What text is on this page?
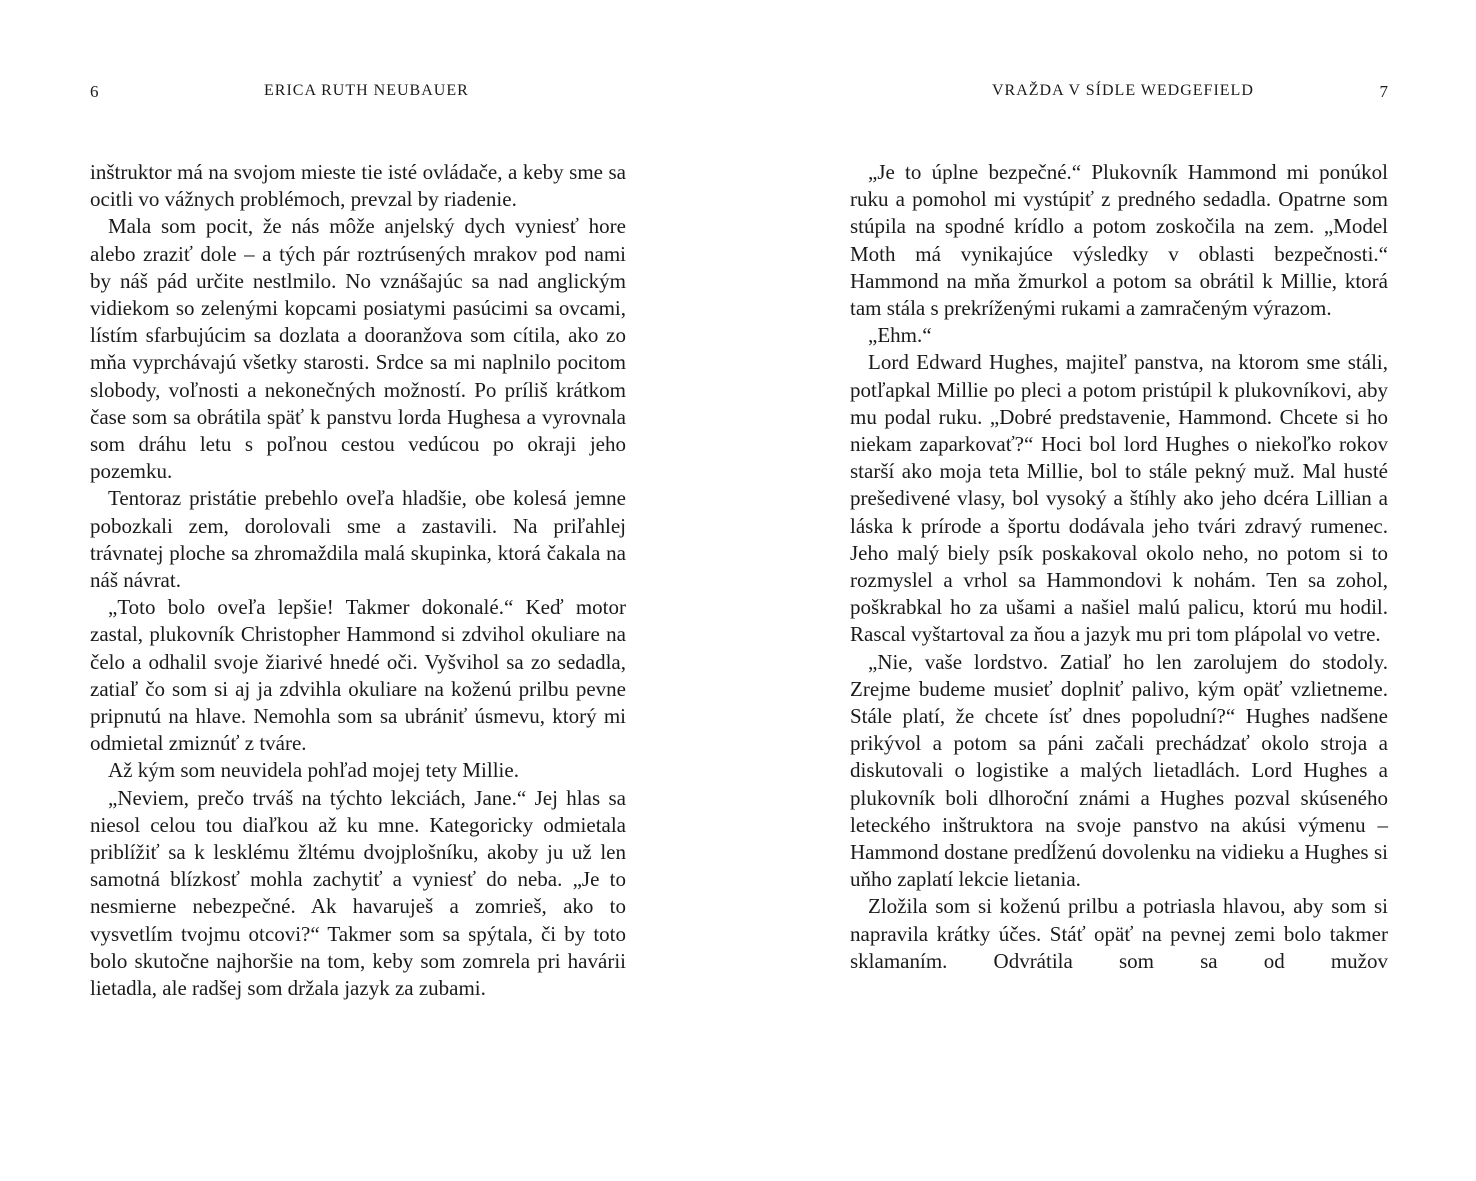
6	ERICA RUTH NEUBAUER

inštruktor má na svojom mieste tie isté ovládače, a keby sme sa ocitli vo vážnych problémoch, prevzal by riadenie.

Mala som pocit, že nás môže anjelský dych vyniesť hore alebo zraziť dole – a tých pár roztrúsených mrakov pod nami by náš pád určite nestlmilo. No vznášajúc sa nad anglickým vidiekom so zelenými kopcami posiatymi pasúcimi sa ovcami, lístím sfarbujúcim sa dozlata a dooranžova som cítila, ako zo mňa vyprchávajú všetky starosti. Srdce sa mi naplnilo pocitom slobody, voľnosti a nekonečných možností. Po príliš krátkom čase som sa obrátila späť k panstvu lorda Hughesa a vyrovnala som dráhu letu s poľnou cestou vedúcou po okraji jeho pozemku.

Tentoraz pristátie prebehlo oveľa hladšie, obe kolesá jemne pobozkali zem, dorolovali sme a zastavili. Na priľahlej trávnatej ploche sa zhromaždila malá skupinka, ktorá čakala na náš návrat.

„Toto bolo oveľa lepšie! Takmer dokonalé.“ Keď motor zastal, plukovník Christopher Hammond si zdvihol okuliare na čelo a odhalil svoje žiarivé hnedé oči. Vyšvihol sa zo sedadla, zatiaľ čo som si aj ja zdvihla okuliare na koženú prilbu pevne pripnutú na hlave. Nemohla som sa ubrániť úsmevu, ktorý mi odmietal zmiznúť z tváre.

Až kým som neuvidela pohľad mojej tety Millie.

„Neviem, prečo trváš na týchto lekciách, Jane.“ Jej hlas sa niesol celou tou diaľkou až ku mne. Kategoricky odmietala priblížiť sa k lesklému žltému dvojplošníku, akoby ju už len samotná blízkosť mohla zachytiť a vyniesť do neba. „Je to nesmierne nebezpečné. Ak havaruješ a zomrieš, ako to vysvetlím tvojmu otcovi?“ Takmer som sa spýtala, či by toto bolo skutočne najhoršie na tom, keby som zomrela pri havárii lietadla, ale radšej som držala jazyk za zubami.

VRAŽDA V SÍDLE WEDGEFIELD	7

„Je to úplne bezpečné.“ Plukovník Hammond mi ponúkol ruku a pomohol mi vystúpiť z predného sedadla. Opatrne som stúpila na spodné krídlo a potom zoskočila na zem. „Model Moth má vynikajúce výsledky v oblasti bezpečnosti.“ Hammond na mňa žmurkol a potom sa obrátil k Millie, ktorá tam stála s prekríženými rukami a zamračeným výrazom.

„Ehm.“

Lord Edward Hughes, majiteľ panstva, na ktorom sme stáli, potľapkal Millie po pleci a potom pristúpil k plukovníkovi, aby mu podal ruku. „Dobré predstavenie, Hammond. Chcete si ho niekam zaparkovať?“ Hoci bol lord Hughes o niekoľko rokov starší ako moja teta Millie, bol to stále pekný muž. Mal husté prešedivené vlasy, bol vysoký a štíhly ako jeho dcéra Lillian a láska k prírode a športu dodávala jeho tvári zdravý rumenec. Jeho malý biely psík poskakoval okolo neho, no potom si to rozmyslel a vrhol sa Hammondovi k nohám. Ten sa zohol, poškrabkal ho za ušami a našiel malú palicu, ktorú mu hodil. Rascal vyštartoval za ňou a jazyk mu pri tom plápolal vo vetre.

„Nie, vaše lordstvo. Zatiaľ ho len zarolujem do stodoly. Zrejme budeme musieť doplniť palivo, kým opäť vzlietneme. Stále platí, že chcete ísť dnes popoludní?“ Hughes nadšene prikývol a potom sa páni začali prechádzať okolo stroja a diskutovali o logistike a malých lietadlách. Lord Hughes a plukovník boli dlhoroční známi a Hughes pozval skúseného leteckého inštruktora na svoje panstvo na akúsi výmenu – Hammond dostane predĺženú dovolenku na vidieku a Hughes si uňho zaplatí lekcie lietania.

Zložila som si koženú prilbu a potriasla hlavou, aby som si napravila krátky účes. Stáť opäť na pevnej zemi bolo takmer sklamaním. Odvrátila som sa od mužov
